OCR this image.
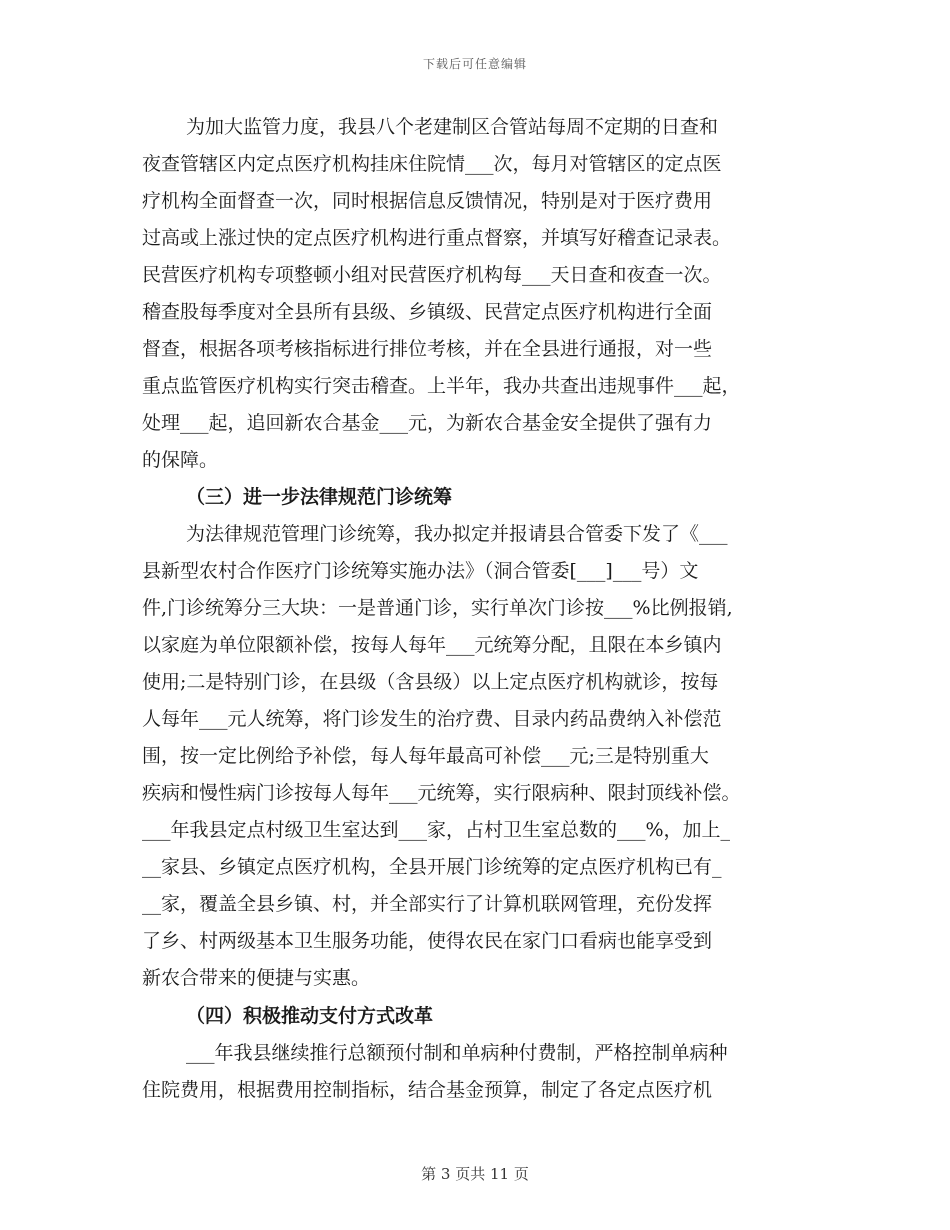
下载后可任意编辑
为加大监管力度，我县八个老建制区合管站每周不定期的日查和
夜查管辖区内定点医疗机构挂床住院情___次，每月对管辖区的定点医
疗机构全面督查一次，同时根据信息反馈情况，特别是对于医疗费用
过高或上涨过快的定点医疗机构进行重点督察，并填写好稽查记录表。
民营医疗机构专项整顿小组对民营医疗机构每___天日查和夜查一次。
稽查股每季度对全县所有县级、乡镇级、民营定点医疗机构进行全面
督查，根据各项考核指标进行排位考核，并在全县进行通报，对一些
重点监管医疗机构实行突击稽查。上半年，我办共查出违规事件___起，
处理___起，追回新农合基金___元，为新农合基金安全提供了强有力
的保障。
（三）进一步法律规范门诊统筹
为法律规范管理门诊统筹，我办拟定并报请县合管委下发了《___
县新型农村合作医疗门诊统筹实施办法》（洞合管委[___]___号）文
件,门诊统筹分三大块：一是普通门诊，实行单次门诊按___%比例报销,
以家庭为单位限额补偿，按每人每年___元统筹分配，且限在本乡镇内
使用;二是特别门诊，在县级（含县级）以上定点医疗机构就诊，按每
人每年___元人统筹，将门诊发生的治疗费、目录内药品费纳入补偿范
围，按一定比例给予补偿，每人每年最高可补偿___元;三是特别重大
疾病和慢性病门诊按每人每年___元统筹，实行限病种、限封顶线补偿。
___年我县定点村级卫生室达到___家，占村卫生室总数的___%，加上_
__家县、乡镇定点医疗机构，全县开展门诊统筹的定点医疗机构已有_
__家，覆盖全县乡镇、村，并全部实行了计算机联网管理，充份发挥
了乡、村两级基本卫生服务功能，使得农民在家门口看病也能享受到
新农合带来的便捷与实惠。
（四）积极推动支付方式改革
___年我县继续推行总额预付制和单病种付费制，严格控制单病种
住院费用，根据费用控制指标，结合基金预算，制定了各定点医疗机
第 3 页共 11 页
